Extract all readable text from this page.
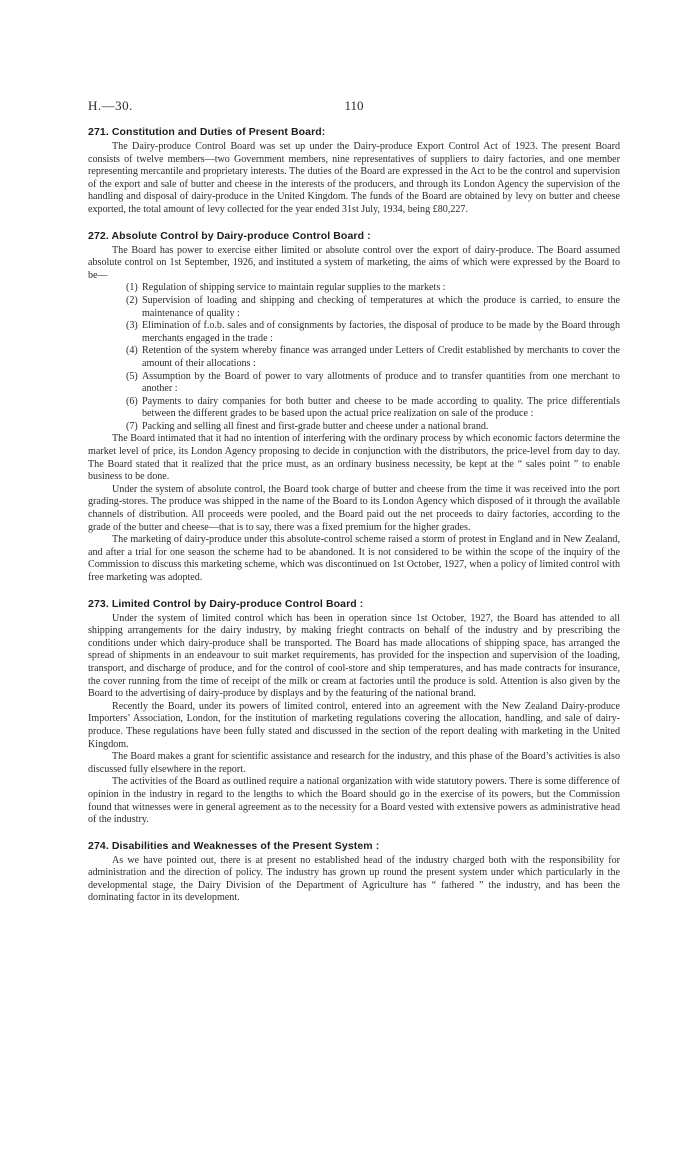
H.—30.	110
271. Constitution and Duties of Present Board:

The Dairy-produce Control Board was set up under the Dairy-produce Export Control Act of 1923. The present Board consists of twelve members—two Government members, nine representatives of suppliers to dairy factories, and one member representing mercantile and proprietary interests. The duties of the Board are expressed in the Act to be the control and supervision of the export and sale of butter and cheese in the interests of the producers, and through its London Agency the supervision of the handling and disposal of dairy-produce in the United Kingdom. The funds of the Board are obtained by levy on butter and cheese exported, the total amount of levy collected for the year ended 31st July, 1934, being £80,227.

272. Absolute Control by Dairy-produce Control Board :

The Board has power to exercise either limited or absolute control over the export of dairy-produce. The Board assumed absolute control on 1st September, 1926, and instituted a system of marketing, the aims of which were expressed by the Board to be—

(1) Regulation of shipping service to maintain regular supplies to the markets :
(2) Supervision of loading and shipping and checking of temperatures at which the produce is carried, to ensure the maintenance of quality :
(3) Elimination of f.o.b. sales and of consignments by factories, the disposal of produce to be made by the Board through merchants engaged in the trade :
(4) Retention of the system whereby finance was arranged under Letters of Credit established by merchants to cover the amount of their allocations :
(5) Assumption by the Board of power to vary allotments of produce and to transfer quantities from one merchant to another :
(6) Payments to dairy companies for both butter and cheese to be made according to quality. The price differentials between the different grades to be based upon the actual price realization on sale of the produce :
(7) Packing and selling all finest and first-grade butter and cheese under a national brand.

The Board intimated that it had no intention of interfering with the ordinary process by which economic factors determine the market level of price, its London Agency proposing to decide in conjunction with the distributors, the price-level from day to day. The Board stated that it realized that the price must, as an ordinary business necessity, be kept at the “ sales point ” to enable business to be done.

Under the system of absolute control, the Board took charge of butter and cheese from the time it was received into the port grading-stores. The produce was shipped in the name of the Board to its London Agency which disposed of it through the available channels of distribution. All proceeds were pooled, and the Board paid out the net proceeds to dairy factories, according to the grade of the butter and cheese—that is to say, there was a fixed premium for the higher grades.

The marketing of dairy-produce under this absolute-control scheme raised a storm of protest in England and in New Zealand, and after a trial for one season the scheme had to be abandoned. It is not considered to be within the scope of the inquiry of the Commission to discuss this marketing scheme, which was discontinued on 1st October, 1927, when a policy of limited control with free marketing was adopted.

273. Limited Control by Dairy-produce Control Board :

Under the system of limited control which has been in operation since 1st October, 1927, the Board has attended to all shipping arrangements for the dairy industry, by making frieght contracts on behalf of the industry and by prescribing the conditions under which dairy-produce shall be transported. The Board has made allocations of shipping space, has arranged the spread of shipments in an endeavour to suit market requirements, has provided for the inspection and supervision of the loading, transport, and discharge of produce, and for the control of cool-store and ship temperatures, and has made contracts for insurance, the cover running from the time of receipt of the milk or cream at factories until the produce is sold. Attention is also given by the Board to the advertising of dairy-produce by displays and by the featuring of the national brand.

Recently the Board, under its powers of limited control, entered into an agreement with the New Zealand Dairy-produce Importers’ Association, London, for the institution of marketing regulations covering the allocation, handling, and sale of dairy-produce. These regulations have been fully stated and discussed in the section of the report dealing with marketing in the United Kingdom.

The Board makes a grant for scientific assistance and research for the industry, and this phase of the Board’s activities is also discussed fully elsewhere in the report.

The activities of the Board as outlined require a national organization with wide statutory powers. There is some difference of opinion in the industry in regard to the lengths to which the Board should go in the exercise of its powers, but the Commission found that witnesses were in general agreement as to the necessity for a Board vested with extensive powers as administrative head of the industry.

274. Disabilities and Weaknesses of the Present System :

As we have pointed out, there is at present no established head of the industry charged both with the responsibility for administration and the direction of policy. The industry has grown up round the present system under which particularly in the developmental stage, the Dairy Division of the Department of Agriculture has “ fathered ” the industry, and has been the dominating factor in its development.
